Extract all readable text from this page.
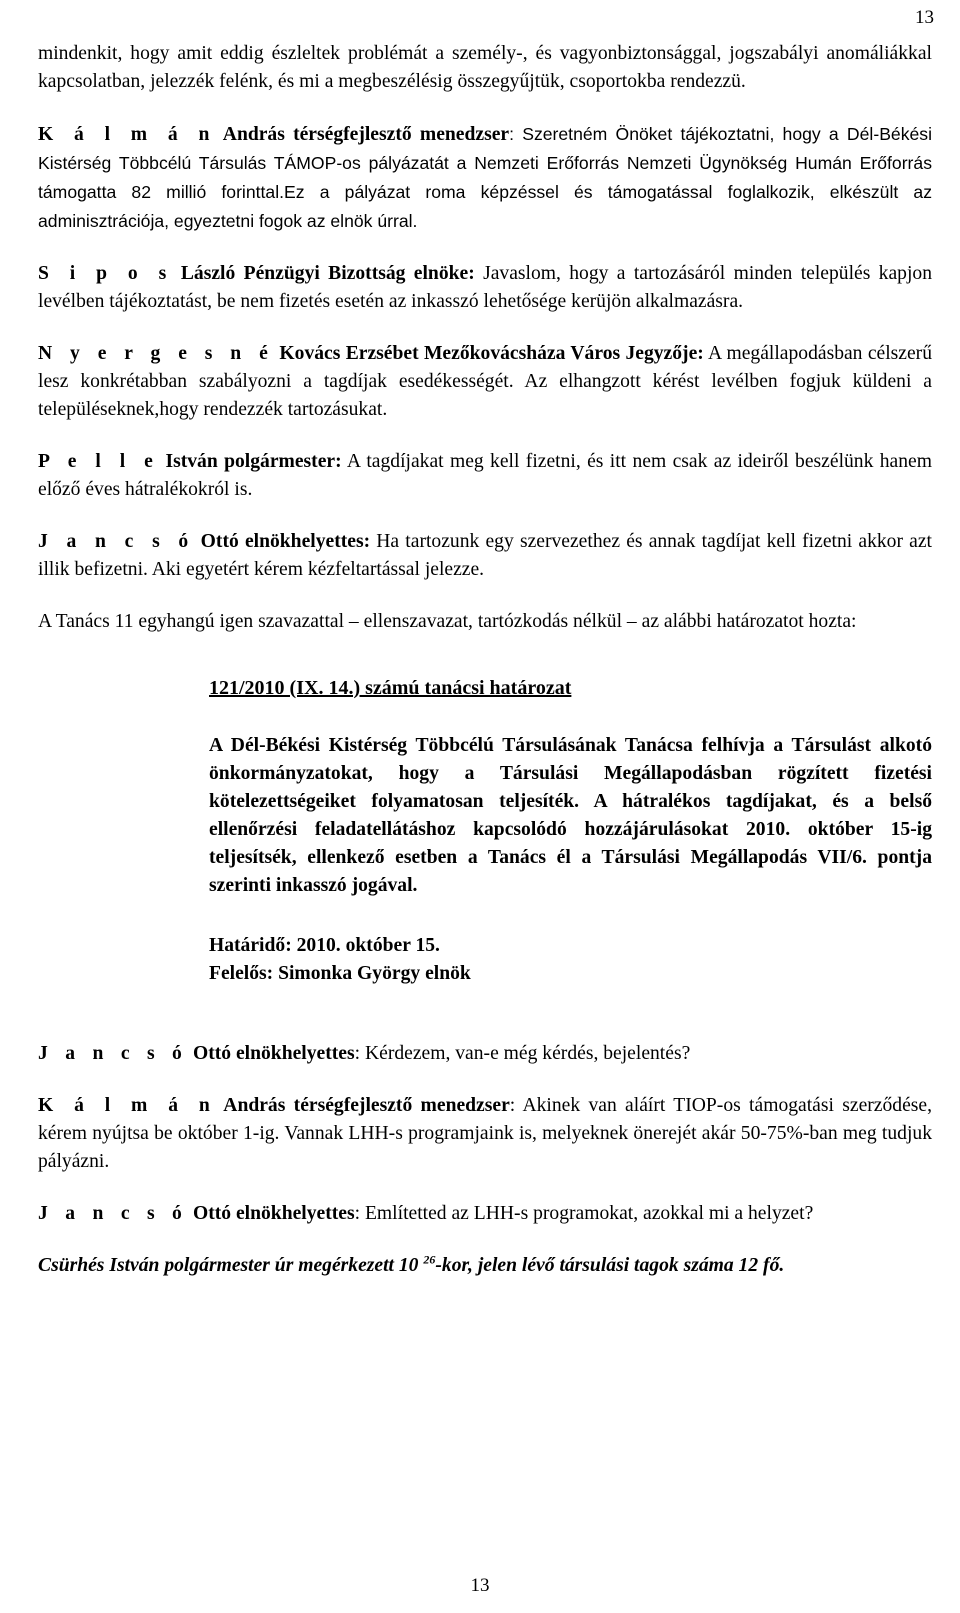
13

mindenkit, hogy amit eddig észleltek problémát a személy-, és vagyonbiztonsággal, jogszabályi anomáliákkal kapcsolatban, jelezzék felénk, és mi a megbeszélésig összegyűjtük, csoportokba rendezzü.

K á l m á n András térségfejlesztő menedzser: Szeretném Önöket tájékoztatni, hogy a Dél-Békési Kistérség Többcélú Társulás TÁMOP-os pályázatát a Nemzeti Erőforrás Nemzeti Ügynökség Humán Erőforrás támogatta 82 millió forinttal.Ez a pályázat roma képzéssel és támogatással foglalkozik, elkészült az adminisztrációja, egyeztetni fogok az elnök úrral.

S i p o s László Pénzügyi Bizottság elnöke: Javaslom, hogy a tartozásáról minden település kapjon levélben tájékoztatást, be nem fizetés esetén az inkasszó lehetősége kerüjön alkalmazásra.

N y e r g e s n é Kovács Erzsébet Mezőkovácsháza Város Jegyzője: A megállapodásban célszerű lesz konkrétabban szabályozni a tagdíjak esedékességét. Az elhangzott kérést levélben fogjuk küldeni a településeknek,hogy rendezzék tartozásukat.

P e l l e István polgármester: A tagdíjakat meg kell fizetni, és itt nem csak az ideiről beszélünk hanem előző éves hátralékokról is.

J a n c s ó Ottó elnökhelyettes: Ha tartozunk egy szervezethez és annak tagdíjat kell fizetni akkor azt illik befizetni. Aki egyetért kérem kézfeltartással jelezze.

A Tanács 11 egyhangú igen szavazattal – ellenszavazat, tartózkodás nélkül – az alábbi határozatot hozta:

121/2010 (IX. 14.) számú tanácsi határozat

A Dél-Békési Kistérség Többcélú Társulásának Tanácsa felhívja a Társulást alkotó önkormányzatokat, hogy a Társulási Megállapodásban rögzített fizetési kötelezettségeiket folyamatosan teljesíték. A hátralékos tagdíjakat, és a belső ellenőrzési feladatellátáshoz kapcsolódó hozzájárulásokat 2010. október 15-ig teljesítsék, ellenkező esetben a Tanács él a Társulási Megállapodás VII/6. pontja szerinti inkasszó jogával.

Határidő: 2010. október 15.
Felelős: Simonka György elnök

J a n c s ó Ottó elnökhelyettes: Kérdezem, van-e még kérdés, bejelentés?

K á l m á n András térségfejlesztő menedzser: Akinek van aláírt TIOP-os támogatási szerződése, kérem nyújtsa be október 1-ig. Vannak LHH-s programjaink is, melyeknek önerejét akár 50-75%-ban meg tudjuk pályázni.

J a n c s ó Ottó elnökhelyettes: Említetted az LHH-s programokat, azokkal mi a helyzet?

Csürhés István polgármester úr megérkezett 10 $^{26}$-kor, jelen lévő társulási tagok száma 12 fő.

13
